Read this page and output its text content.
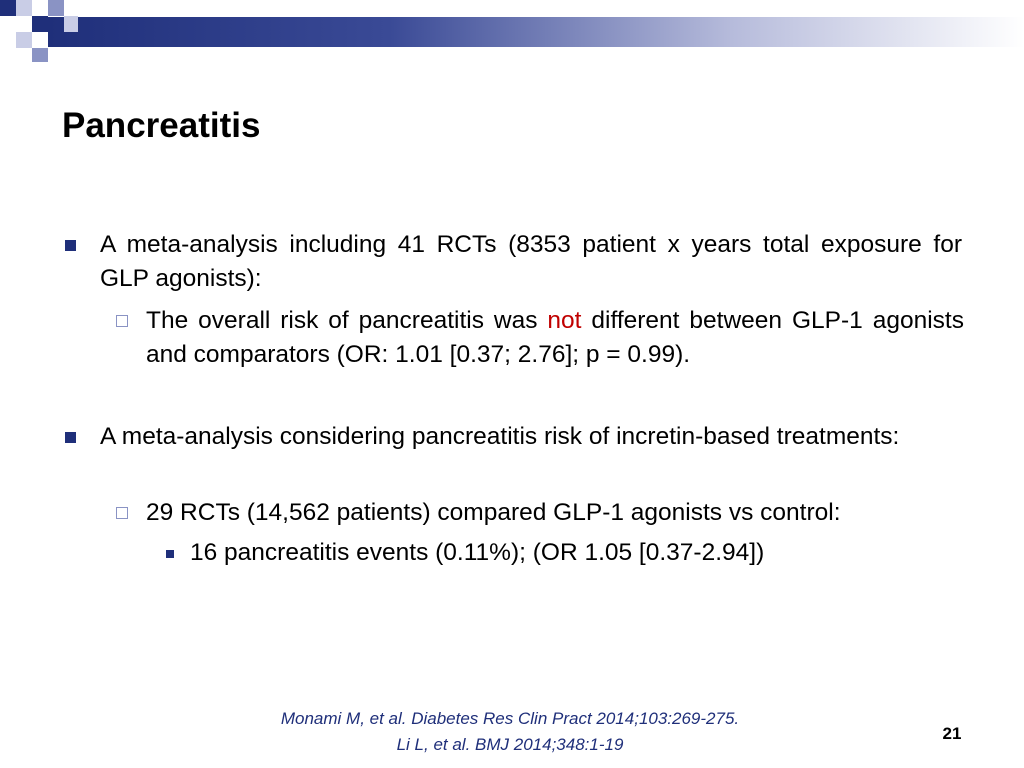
Pancreatitis
A meta-analysis including 41 RCTs (8353 patient x years total exposure for GLP agonists):
The overall risk of pancreatitis was not different between GLP-1 agonists and comparators (OR: 1.01 [0.37; 2.76]; p = 0.99).
A meta-analysis considering pancreatitis risk of incretin-based treatments:
29 RCTs (14,562 patients) compared GLP-1 agonists vs control:
16 pancreatitis events (0.11%); (OR 1.05 [0.37-2.94])
Monami M, et al. Diabetes Res Clin Pract 2014;103:269-275.
Li L, et al. BMJ 2014;348:1-19
21
